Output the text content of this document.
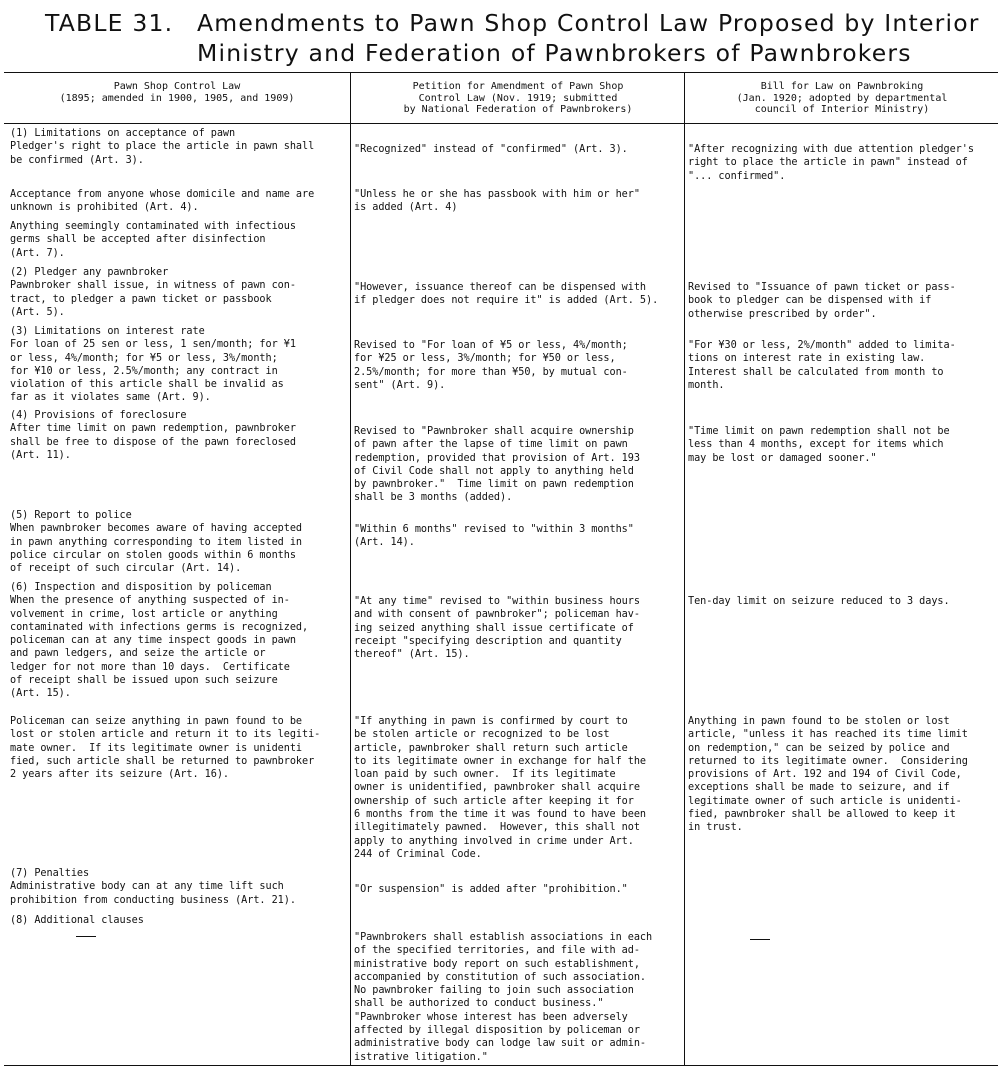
TABLE 31. Amendments to Pawn Shop Control Law Proposed by Interior
Ministry and Federation of Pawnbrokers of Pawnbrokers
Pawn Shop Control Law
(1895; amended in 1900, 1905, and 1909)
Petition for Amendment of Pawn Shop
Control Law (Nov. 1919; submitted
by National Federation of Pawnbrokers)
Bill for Law on Pawnbroking
(Jan. 1920; adopted by departmental
council of Interior Ministry)
(1) Limitations on acceptance of pawn
Pledger's right to place the article in pawn shall
be confirmed (Art. 3).
"Recognized" instead of "confirmed" (Art. 3).	"After recognizing with due attention pledger's
right to place the article in pawn" instead of
"... confirmed".
Acceptance from anyone whose domicile and name are
unknown is prohibited (Art. 4).
"Unless he or she has passbook with him or her"
is added (Art. 4)
Anything seemingly contaminated with infectious
germs shall be accepted after disinfection
(Art. 7).
(2) Pledger any pawnbroker
Pawnbroker shall issue, in witness of pawn con-
tract, to pledger a pawn ticket or passbook
(Art. 5).
"However, issuance thereof can be dispensed with
if pledger does not require it" is added (Art. 5).
Revised to "Issuance of pawn ticket or pass-
book to pledger can be dispensed with if
otherwise prescribed by order".
(3) Limitations on interest rate
For loan of 25 sen or less, 1 sen/month; for ¥1
or less, 4%/month; for ¥5 or less, 3%/month;
for ¥10 or less, 2.5%/month; any contract in
violation of this article shall be invalid as
far as it violates same (Art. 9).
Revised to "For loan of ¥5 or less, 4%/month;
for ¥25 or less, 3%/month; for ¥50 or less,
2.5%/month; for more than ¥50, by mutual con-
sent" (Art. 9).
"For ¥30 or less, 2%/month" added to limita-
tions on interest rate in existing law.
Interest shall be calculated from month to
month.
(4) Provisions of foreclosure
After time limit on pawn redemption, pawnbroker
shall be free to dispose of the pawn foreclosed
(Art. 11).
Revised to "Pawnbroker shall acquire ownership
of pawn after the lapse of time limit on pawn
redemption, provided that provision of Art. 193
of Civil Code shall not apply to anything held
by pawnbroker."  Time limit on pawn redemption
shall be 3 months (added).
"Time limit on pawn redemption shall not be
less than 4 months, except for items which
may be lost or damaged sooner."
(5) Report to police
When pawnbroker becomes aware of having accepted
in pawn anything corresponding to item listed in
police circular on stolen goods within 6 months
of receipt of such circular (Art. 14).
"Within 6 months" revised to "within 3 months"
(Art. 14).
(6) Inspection and disposition by policeman
When the presence of anything suspected of in-
volvement in crime, lost article or anything
contaminated with infections germs is recognized,
policeman can at any time inspect goods in pawn
and pawn ledgers, and seize the article or
ledger for not more than 10 days.  Certificate
of receipt shall be issued upon such seizure
(Art. 15).
"At any time" revised to "within business hours
and with consent of pawnbroker"; policeman hav-
ing seized anything shall issue certificate of
receipt "specifying description and quantity
thereof" (Art. 15).
Ten-day limit on seizure reduced to 3 days.
Policeman can seize anything in pawn found to be
lost or stolen article and return it to its legiti-
mate owner.  If its legitimate owner is unidenti
fied, such article shall be returned to pawnbroker
2 years after its seizure (Art. 16).
"If anything in pawn is confirmed by court to
be stolen article or recognized to be lost
article, pawnbroker shall return such article
to its legitimate owner in exchange for half the
loan paid by such owner.  If its legitimate
owner is unidentified, pawnbroker shall acquire
ownership of such article after keeping it for
6 months from the time it was found to have been
illegitimately pawned.  However, this shall not
apply to anything involved in crime under Art.
244 of Criminal Code.
Anything in pawn found to be stolen or lost
article, "unless it has reached its time limit
on redemption," can be seized by police and
returned to its legitimate owner.  Considering
provisions of Art. 192 and 194 of Civil Code,
exceptions shall be made to seizure, and if
legitimate owner of such article is unidenti-
fied, pawnbroker shall be allowed to keep it
in trust.
(7) Penalties
Administrative body can at any time lift such
prohibition from conducting business (Art. 21).
"Or suspension" is added after "prohibition."
(8) Additional clauses
"Pawnbrokers shall establish associations in each
of the specified territories, and file with ad-
ministrative body report on such establishment,
accompanied by constitution of such association.
No pawnbroker failing to join such association
shall be authorized to conduct business."
"Pawnbroker whose interest has been adversely
affected by illegal disposition by policeman or
administrative body can lodge law suit or admin-
istrative litigation."
